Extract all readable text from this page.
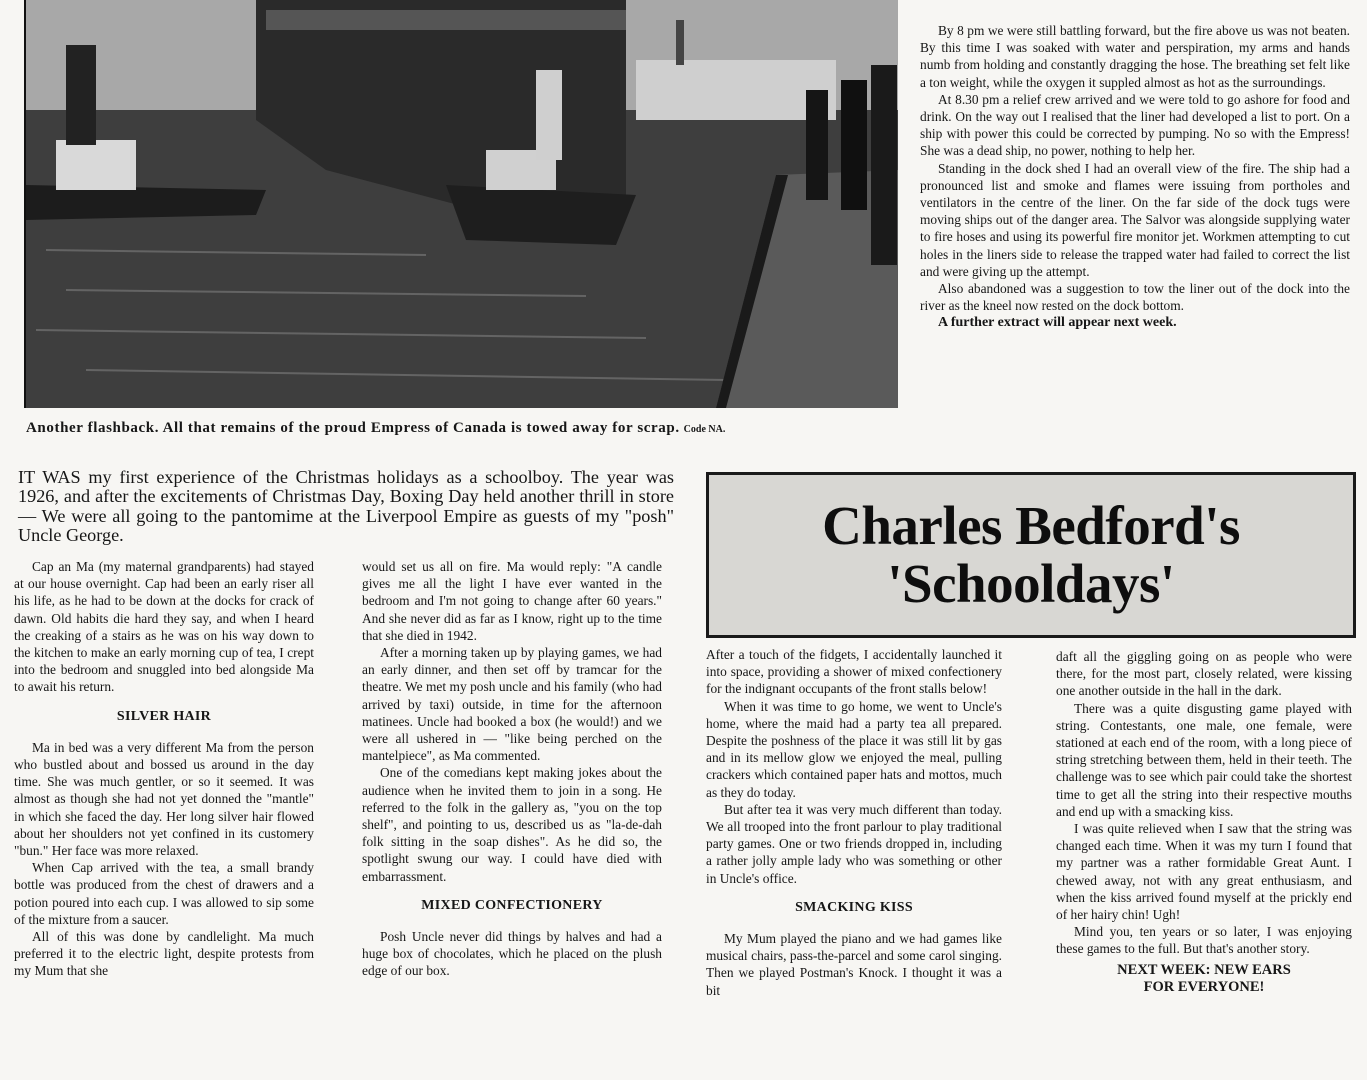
Another flashback. All that remains of the proud Empress of Canada is towed away for scrap. Code NA.

By 8 pm we were still battling forward, but the fire above us was not beaten. By this time I was soaked with water and perspiration, my arms and hands numb from holding and constantly dragging the hose. The breathing set felt like a ton weight, while the oxygen it suppled almost as hot as the surroundings.

At 8.30 pm a relief crew arrived and we were told to go ashore for food and drink. On the way out I realised that the liner had developed a list to port. On a ship with power this could be corrected by pumping. No so with the Empress! She was a dead ship, no power, nothing to help her.

Standing in the dock shed I had an overall view of the fire. The ship had a pronounced list and smoke and flames were issuing from portholes and ventilators in the centre of the liner. On the far side of the dock tugs were moving ships out of the danger area. The Salvor was alongside supplying water to fire hoses and using its powerful fire monitor jet. Workmen attempting to cut holes in the liners side to release the trapped water had failed to correct the list and were giving up the attempt.

Also abandoned was a suggestion to tow the liner out of the dock into the river as the kneel now rested on the dock bottom.

A further extract will appear next week.

IT WAS my first experience of the Christmas holidays as a schoolboy. The year was 1926, and after the excitements of Christmas Day, Boxing Day held another thrill in store — We were all going to the pantomime at the Liverpool Empire as guests of my "posh" Uncle George.	Charles Bedford's
'Schooldays'

Cap an Ma (my maternal grandparents) had stayed at our house overnight. Cap had been an early riser all his life, as he had to be down at the docks for crack of dawn. Old habits die hard they say, and when I heard the creaking of a stairs as he was on his way down to the kitchen to make an early morning cup of tea, I crept into the bedroom and snuggled into bed alongside Ma to await his return.

SILVER HAIR

Ma in bed was a very different Ma from the person who bustled about and bossed us around in the day time. She was much gentler, or so it seemed. It was almost as though she had not yet donned the "mantle" in which she faced the day. Her long silver hair flowed about her shoulders not yet confined in its customery "bun." Her face was more relaxed.

When Cap arrived with the tea, a small brandy bottle was produced from the chest of drawers and a potion poured into each cup. I was allowed to sip some of the mixture from a saucer.

All of this was done by candlelight. Ma much preferred it to the electric light, despite protests from my Mum that she

would set us all on fire. Ma would reply: "A candle gives me all the light I have ever wanted in the bedroom and I'm not going to change after 60 years." And she never did as far as I know, right up to the time that she died in 1942.

After a morning taken up by playing games, we had an early dinner, and then set off by tramcar for the theatre. We met my posh uncle and his family (who had arrived by taxi) outside, in time for the afternoon matinees. Uncle had booked a box (he would!) and we were all ushered in — "like being perched on the mantelpiece", as Ma commented.

One of the comedians kept making jokes about the audience when he invited them to join in a song. He referred to the folk in the gallery as, "you on the top shelf", and pointing to us, described us as "la-de-dah folk sitting in the soap dishes". As he did so, the spotlight swung our way. I could have died with embarrassment.

MIXED CONFECTIONERY

Posh Uncle never did things by halves and had a huge box of chocolates, which he placed on the plush edge of our box.

After a touch of the fidgets, I accidentally launched it into space, providing a shower of mixed confectionery for the indignant occupants of the front stalls below!

When it was time to go home, we went to Uncle's home, where the maid had a party tea all prepared. Despite the poshness of the place it was still lit by gas and in its mellow glow we enjoyed the meal, pulling crackers which contained paper hats and mottos, much as they do today.

But after tea it was very much different than today. We all trooped into the front parlour to play traditional party games. One or two friends dropped in, including a rather jolly ample lady who was something or other in Uncle's office.

SMACKING KISS

My Mum played the piano and we had games like musical chairs, pass-the-parcel and some carol singing. Then we played Postman's Knock. I thought it was a bit

daft all the giggling going on as people who were there, for the most part, closely related, were kissing one another outside in the hall in the dark.

There was a quite disgusting game played with string. Contestants, one male, one female, were stationed at each end of the room, with a long piece of string stretching between them, held in their teeth. The challenge was to see which pair could take the shortest time to get all the string into their respective mouths and end up with a smacking kiss.

I was quite relieved when I saw that the string was changed each time. When it was my turn I found that my partner was a rather formidable Great Aunt. I chewed away, not with any great enthusiasm, and when the kiss arrived found myself at the prickly end of her hairy chin! Ugh!

Mind you, ten years or so later, I was enjoying these games to the full. But that's another story.

NEXT WEEK: NEW EARS
FOR EVERYONE!
